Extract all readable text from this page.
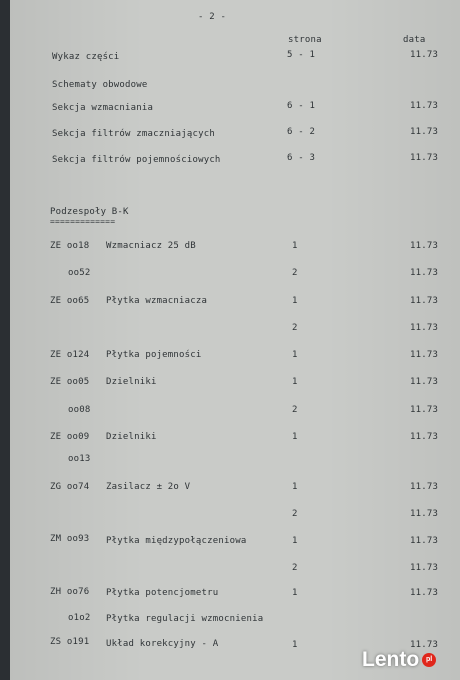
- 2 -
strona	data
Wykaz części	5 - 1	11.73
Schematy obwodowe
Sekcja wzmacniania	6 - 1	11.73
Sekcja filtrów zmaczniających	6 - 2	11.73
Sekcja filtrów pojemnościowych	6 - 3	11.73
Podzespoły B-K
=============
ZE oo18 Wzmacniacz 25 dB	1	11.73
oo52	2	11.73
ZE oo65 Płytka wzmacniacza	1	11.73
2	11.73
ZE o124 Płytka pojemności	1	11.73
ZE oo05 Dzielniki	1	11.73
oo08	2	11.73
ZE oo09 Dzielniki	1	11.73
oo13
ZG oo74 Zasilacz ± 2o V	1	11.73
2	11.73
ZM oo93 Płytka międzypołączeniowa	1	11.73
2	11.73
ZH oo76 Płytka potencjometru	1	11.73
o1o2 Płytka regulacji wzmocnienia
ZS o191 Układ korekcyjny - A	1	11.73
Lento pl
